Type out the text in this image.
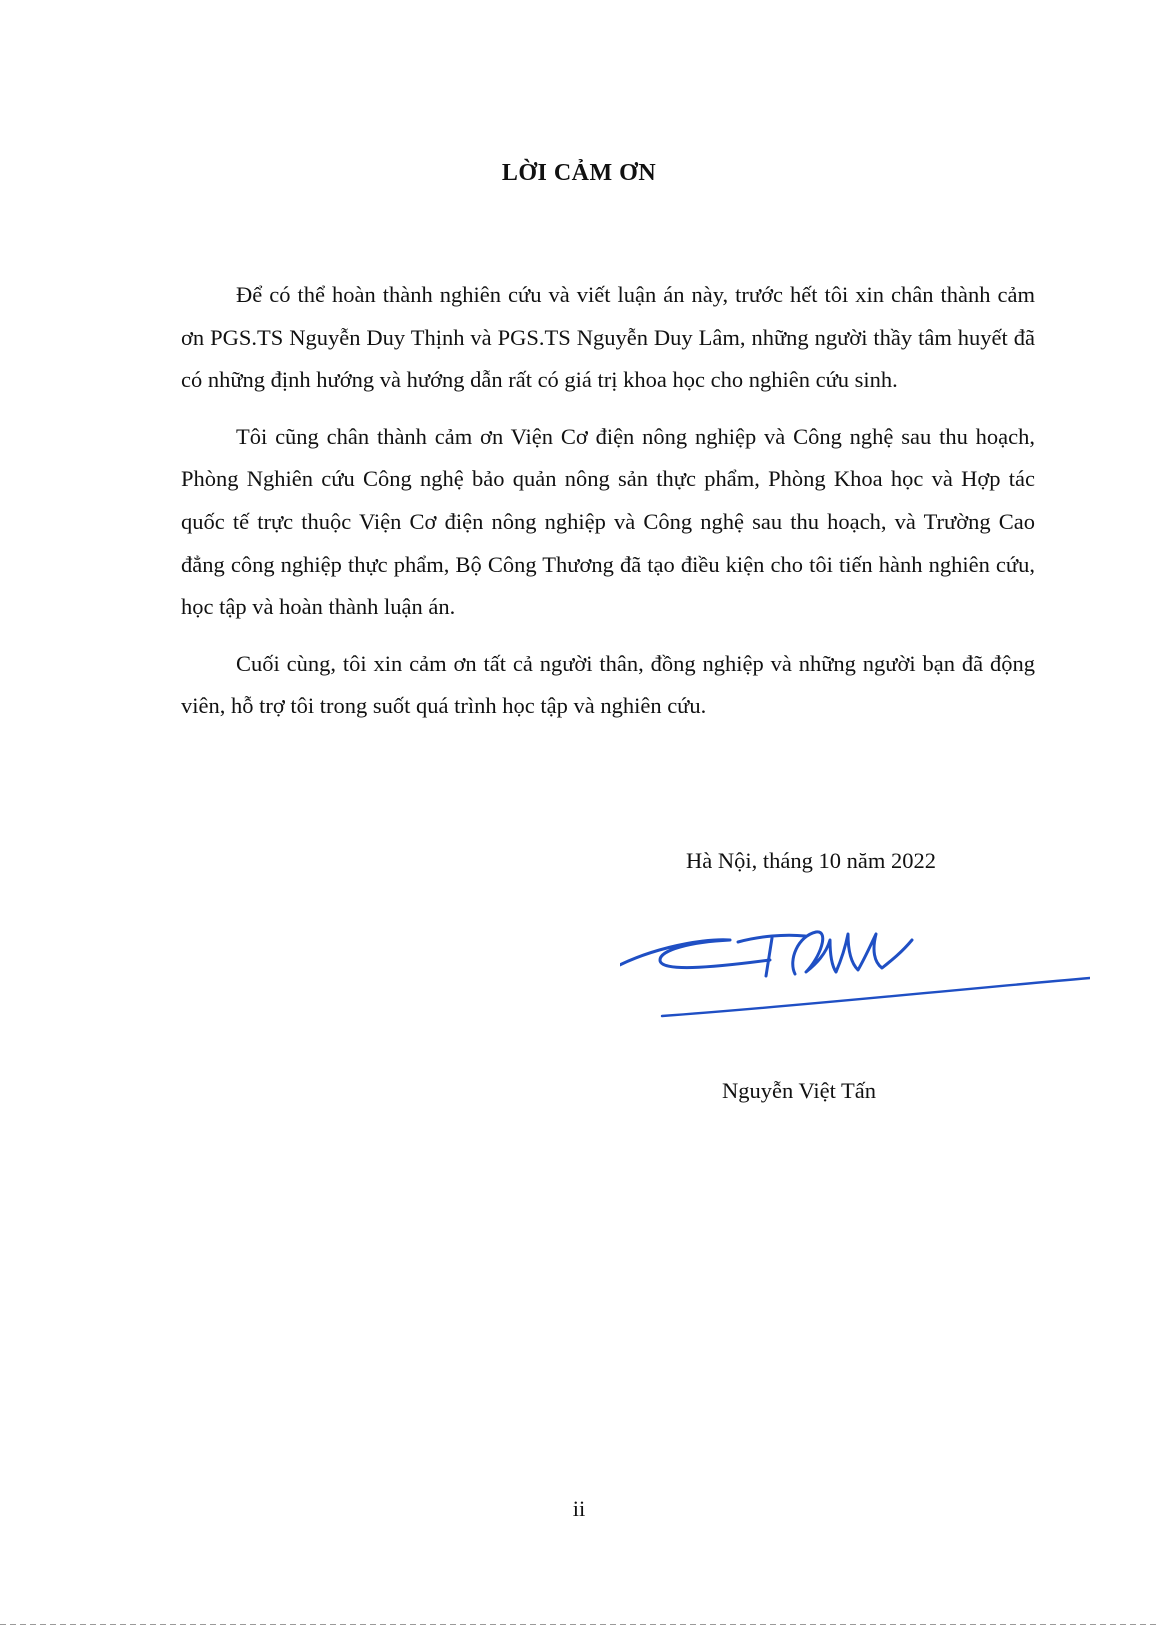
LỜI CẢM ƠN

Để có thể hoàn thành nghiên cứu và viết luận án này, trước hết tôi xin chân thành cảm ơn PGS.TS Nguyễn Duy Thịnh và PGS.TS Nguyễn Duy Lâm, những người thầy tâm huyết đã có những định hướng và hướng dẫn rất có giá trị khoa học cho nghiên cứu sinh.

Tôi cũng chân thành cảm ơn Viện Cơ điện nông nghiệp và Công nghệ sau thu hoạch, Phòng Nghiên cứu Công nghệ bảo quản nông sản thực phẩm, Phòng Khoa học và Hợp tác quốc tế trực thuộc Viện Cơ điện nông nghiệp và Công nghệ sau thu hoạch, và Trường Cao đẳng công nghiệp thực phẩm, Bộ Công Thương đã tạo điều kiện cho tôi tiến hành nghiên cứu, học tập và hoàn thành luận án.

Cuối cùng, tôi xin cảm ơn tất cả người thân, đồng nghiệp và những người bạn đã động viên, hỗ trợ tôi trong suốt quá trình học tập và nghiên cứu.

Hà Nội, tháng 10 năm 2022
Nguyễn Việt Tấn
ii
